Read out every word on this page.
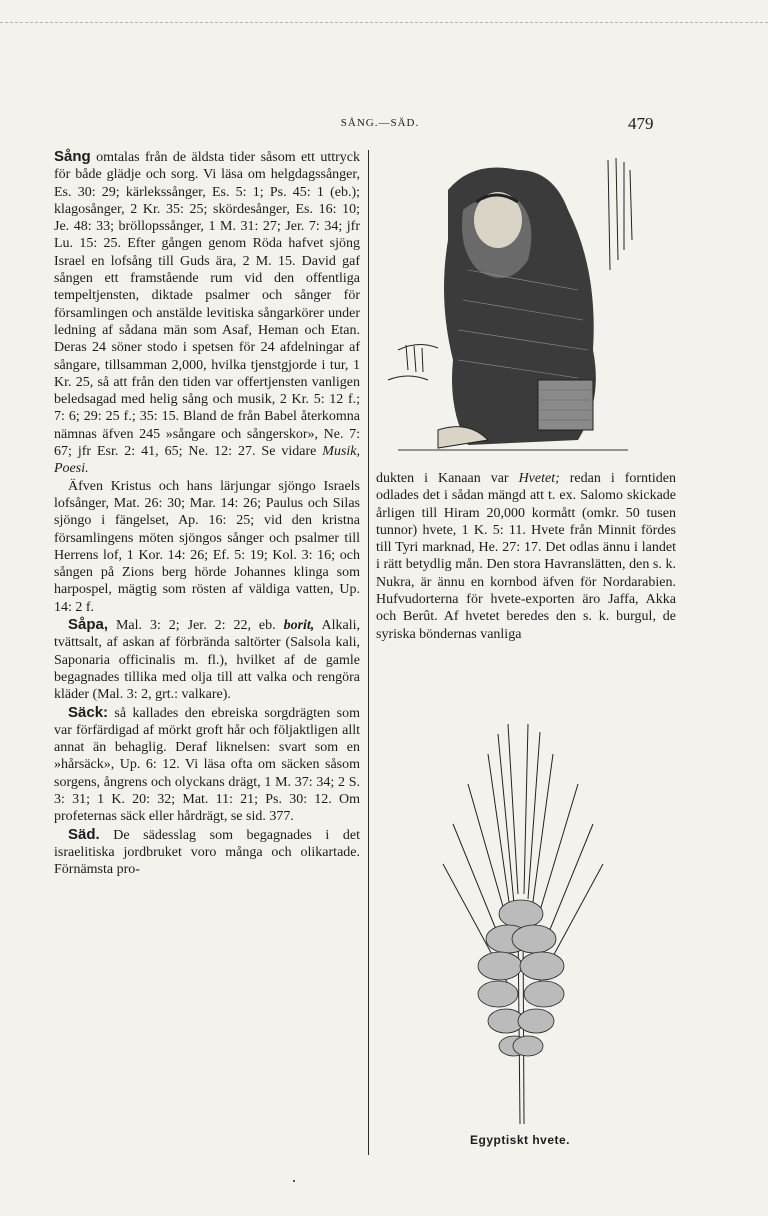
SÅNG.—SÄD.	479

Sång omtalas från de äldsta tider såsom ett uttryck för både glädje och sorg. Vi läsa om helgdagssånger, Es. 30: 29; kärlekssånger, Es. 5: 1; Ps. 45: 1 (eb.); klagosånger, 2 Kr. 35: 25; skördesånger, Es. 16: 10; Je. 48: 33; bröllopssånger, 1 M. 31: 27; Jer. 7: 34; jfr Lu. 15: 25. Efter gången genom Röda hafvet sjöng Israel en lofsång till Guds ära, 2 M. 15. David gaf sången ett framstående rum vid den offentliga tempeltjensten, diktade psalmer och sånger för församlingen och anstälde levitiska sångarkörer under ledning af sådana män som Asaf, Heman och Etan. Deras 24 söner stodo i spetsen för 24 afdelningar af sångare, tillsamman 2,000, hvilka tjenstgjorde i tur, 1 Kr. 25, så att från den tiden var offertjensten vanligen beledsagad med helig sång och musik, 2 Kr. 5: 12 f.; 7: 6; 29: 25 f.; 35: 15. Bland de från Babel återkomna nämnas äfven 245 »sångare och sångerskor», Ne. 7: 67; jfr Esr. 2: 41, 65; Ne. 12: 27. Se vidare Musik, Poesi.

Äfven Kristus och hans lärjungar sjöngo Israels lofsånger, Mat. 26: 30; Mar. 14: 26; Paulus och Silas sjöngo i fängelset, Ap. 16: 25; vid den kristna församlingens möten sjöngos sånger och psalmer till Herrens lof, 1 Kor. 14: 26; Ef. 5: 19; Kol. 3: 16; och sången på Zions berg hörde Johannes klinga som harpospel, mägtig som rösten af väldiga vatten, Up. 14: 2 f.

Såpa, Mal. 3: 2; Jer. 2: 22, eb. borit, Alkali, tvättsalt, af askan af förbrända saltörter (Salsola kali, Saponaria officinalis m. fl.), hvilket af de gamle begagnades tillika med olja till att valka och rengöra kläder (Mal. 3: 2, grt.: valkare).

Säck: så kallades den ebreiska sorgdrägten som var förfärdigad af mörkt groft hår och följaktligen allt annat än behaglig. Deraf liknelsen: svart som en »hårsäck», Up. 6: 12. Vi läsa ofta om säcken såsom sorgens, ångrens och olyckans drägt, 1 M. 37: 34; 2 S. 3: 31; 1 K. 20: 32; Mat. 11: 21; Ps. 30: 12. Om profeternas säck eller hårdrägt, se sid. 377.

Säd. De sädesslag som begagnades i det israelitiska jordbruket voro många och olikartade. Förnämsta pro-

dukten i Kanaan var Hvetet; redan i forntiden odlades det i sådan mängd att t. ex. Salomo skickade årligen till Hiram 20,000 kormått (omkr. 50 tusen tunnor) hvete, 1 K. 5: 11. Hvete från Minnit fördes till Tyri marknad, He. 27: 17. Det odlas ännu i landet i rätt betydlig mån. Den stora Havranslätten, den s. k. Nukra, är ännu en kornbod äfven för Nordarabien. Hufvudorterna för hvete-exporten äro Jaffa, Akka och Berût. Af hvetet beredes den s. k. burgul, de syriska böndernas vanliga

Egyptiskt hvete.
